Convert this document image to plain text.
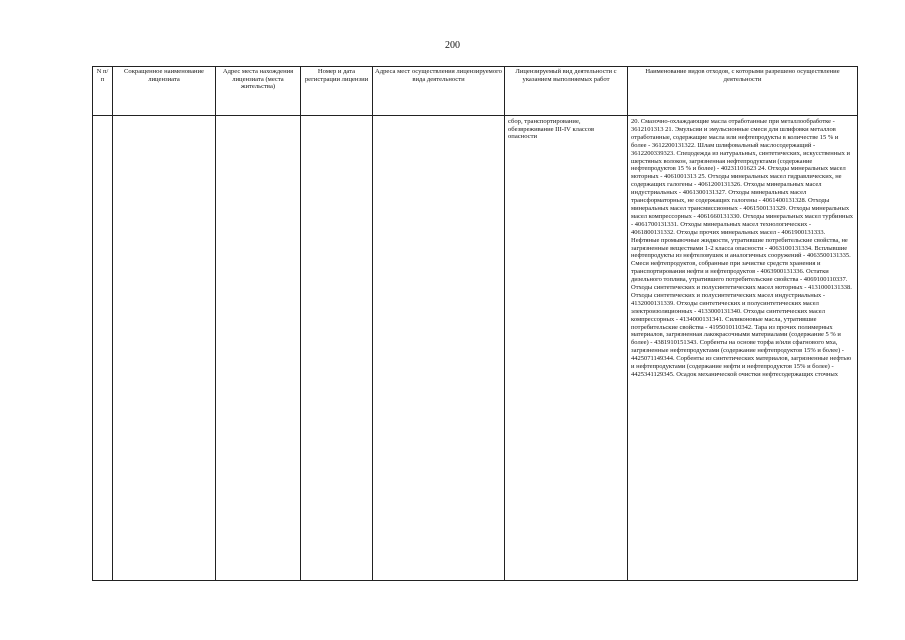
200
N п/п	Сокращенное наименование лицензиата	Адрес места нахождения лицензиата (места жительства)	Номер и дата регистрации лицензии	Адреса мест осуществления лицензируемого вида деятельности	Лицензируемый вид деятельности с указанием выполняемых работ	Наименование видов отходов, с которыми разрешено осуществление деятельности

					сбор, транспортирование, обезвреживание III-IV классов опасности	20. Смазочно-охлаждающие масла отработанные при металлообработке - 3612101313 21. Эмульсии и эмульсионные смеси для шлифовки металлов отработанные, содержащие масла или нефтепродукты в количестве 15 % и более - 3612200131322. Шлам шлифовальный маслосодержащий - 3612200339323. Спецодежда из натуральных, синтетических, искусственных и шерстяных волокон, загрязненная нефтепродуктами (содержание нефтепродуктов 15 % и более) - 40231101623 24. Отходы минеральных масел моторных - 4061001313 25. Отходы минеральных масел гидравлических, не содержащих галогены - 4061200131326. Отходы минеральных масел индустриальных - 4061300131327. Отходы минеральных масел трансформаторных, не содержащих галогены - 4061400131328. Отходы минеральных масел трансмиссионных - 4061500131329. Отходы минеральных масел компрессорных - 4061660131330. Отходы минеральных масел турбинных - 4061700131331. Отходы минеральных масел технологических - 4061800131332. Отходы прочих минеральных масел - 4061900131333. Нефтяные промывочные жидкости, утратившие потребительские свойства, не загрязненные веществами 1-2 класса опасности - 4063100131334. Всплывшие нефтепродукты из нефтеловушек и аналогичных сооружений - 4063500131335. Смеси нефтепродуктов, собранные при зачистке средств хранения и транспортирования нефти и нефтепродуктов - 4063900131336. Остатки дизельного топлива, утратившего потребительские свойства - 4069100110337. Отходы синтетических и полусинтетических масел моторных - 4131000131338. Отходы синтетических и полусинтетических масел индустриальных - 4132000131339. Отходы синтетических и полусинтетических масел электроизоляционных - 4133000131340. Отходы синтетических масел компрессорных - 4134000131341. Силиконовые масла, утратившие потребительские свойства - 4195010110342. Тара из прочих полимерных материалов, загрязненная лакокрасочными материалами (содержание 5 % и более) - 4381910151343. Сорбенты на основе торфа и/или сфагнового мха, загрязненные нефтепродуктами (содержание нефтепродуктов 15% и более) - 4425071149344. Сорбенты из синтетических материалов, загрязненные нефтью и нефтепродуктами (содержание нефти и нефтепродуктов 15% и более) - 4425341129345. Осадок механической очистки нефтесодержащих сточных
